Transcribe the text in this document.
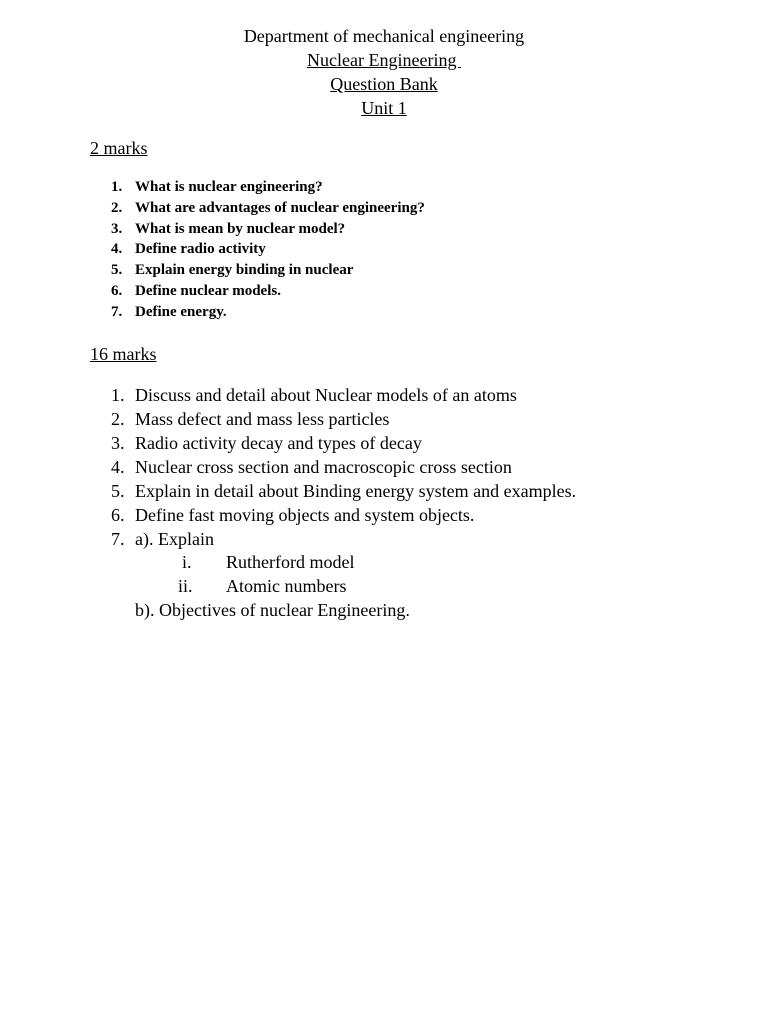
Department of mechanical engineering
Nuclear Engineering
Question Bank
Unit 1
2 marks
1. What is nuclear engineering?
2. What are advantages of nuclear engineering?
3. What is mean by nuclear model?
4. Define radio activity
5. Explain energy binding in nuclear
6. Define nuclear models.
7. Define energy.
16 marks
1. Discuss and detail about Nuclear models of an atoms
2. Mass defect and mass less particles
3. Radio activity decay and types of decay
4. Nuclear cross section and macroscopic cross section
5. Explain in detail about Binding energy system and examples.
6. Define fast moving objects and system objects.
7. a). Explain
i. Rutherford model
ii. Atomic numbers
b). Objectives of nuclear Engineering.
